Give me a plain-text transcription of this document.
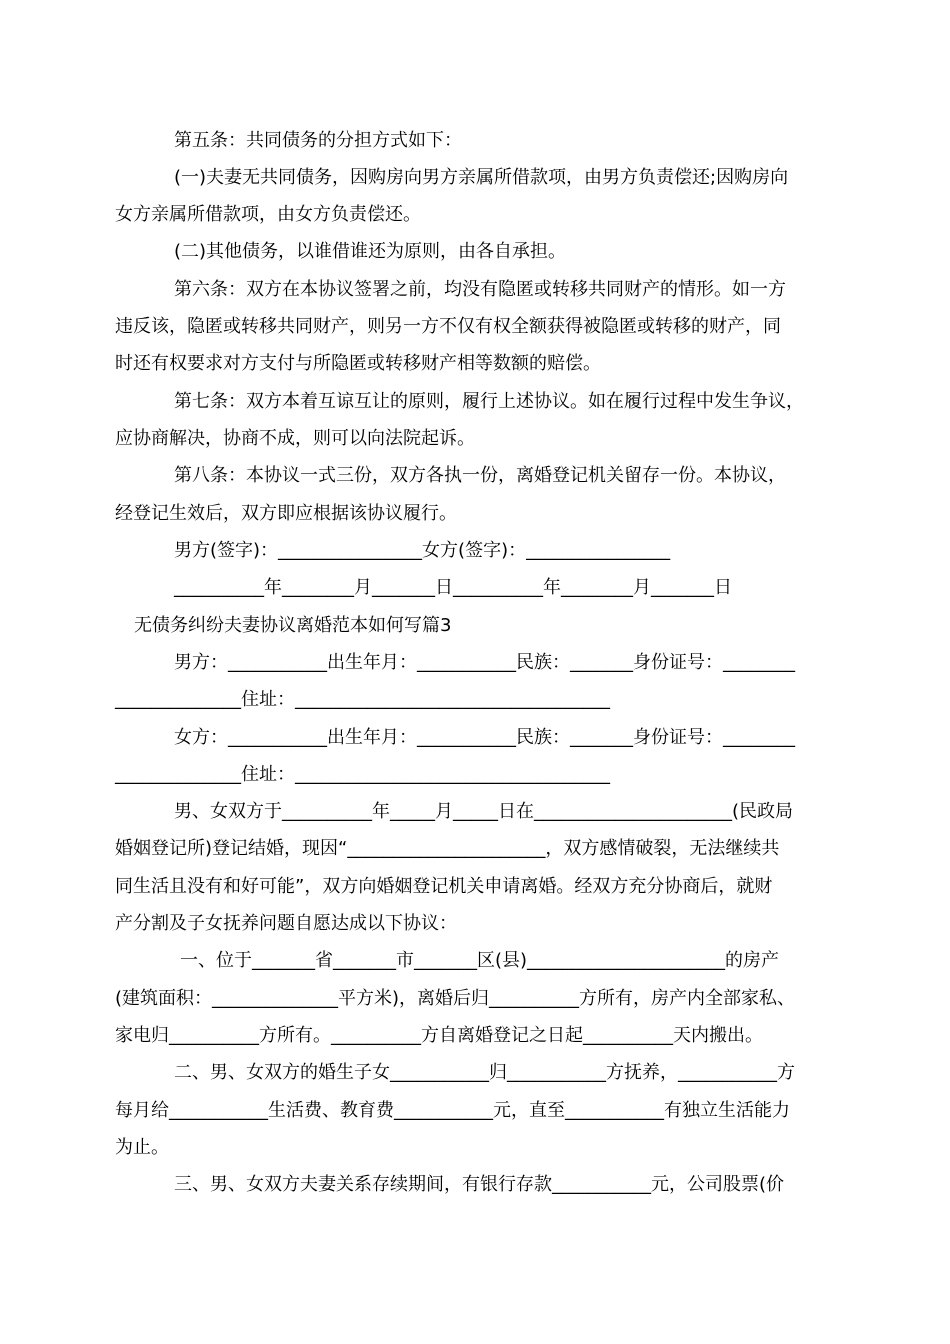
第五条：共同债务的分担方式如下：

(一)夫妻无共同债务，因购房向男方亲属所借款项，由男方负责偿还;因购房向

女方亲属所借款项，由女方负责偿还。

(二)其他债务，以谁借谁还为原则，由各自承担。

第六条：双方在本协议签署之前，均没有隐匿或转移共同财产的情形。如一方

违反该，隐匿或转移共同财产，则另一方不仅有权全额获得被隐匿或转移的财产，同

时还有权要求对方支付与所隐匿或转移财产相等数额的赔偿。

第七条：双方本着互谅互让的原则，履行上述协议。如在履行过程中发生争议，

应协商解决，协商不成，则可以向法院起诉。

第八条：本协议一式三份，双方各执一份，离婚登记机关留存一份。本协议，

经登记生效后，双方即应根据该协议履行。

男方(签字)：________________女方(签字)：________________

__________年________月_______日__________年________月_______日

无债务纠纷夫妻协议离婚范本如何写篇3

男方：___________出生年月：___________民族：_______身份证号：________

______________住址：___________________________________

女方：___________出生年月：___________民族：_______身份证号：________

______________住址：___________________________________

男、女双方于__________年_____月_____日在______________________(民政局

婚姻登记所)登记结婚，现因“______________________，双方感情破裂，无法继续共

同生活且没有和好可能”，双方向婚姻登记机关申请离婚。经双方充分协商后，就财

产分割及子女抚养问题自愿达成以下协议：

一、位于_______省_______市_______区(县)______________________的房产

(建筑面积：______________平方米)，离婚后归__________方所有，房产内全部家私、

家电归__________方所有。__________方自离婚登记之日起__________天内搬出。

二、男、女双方的婚生子女___________归___________方抚养，___________方

每月给___________生活费、教育费___________元，直至___________有独立生活能力

为止。

三、男、女双方夫妻关系存续期间，有银行存款___________元，公司股票(价
